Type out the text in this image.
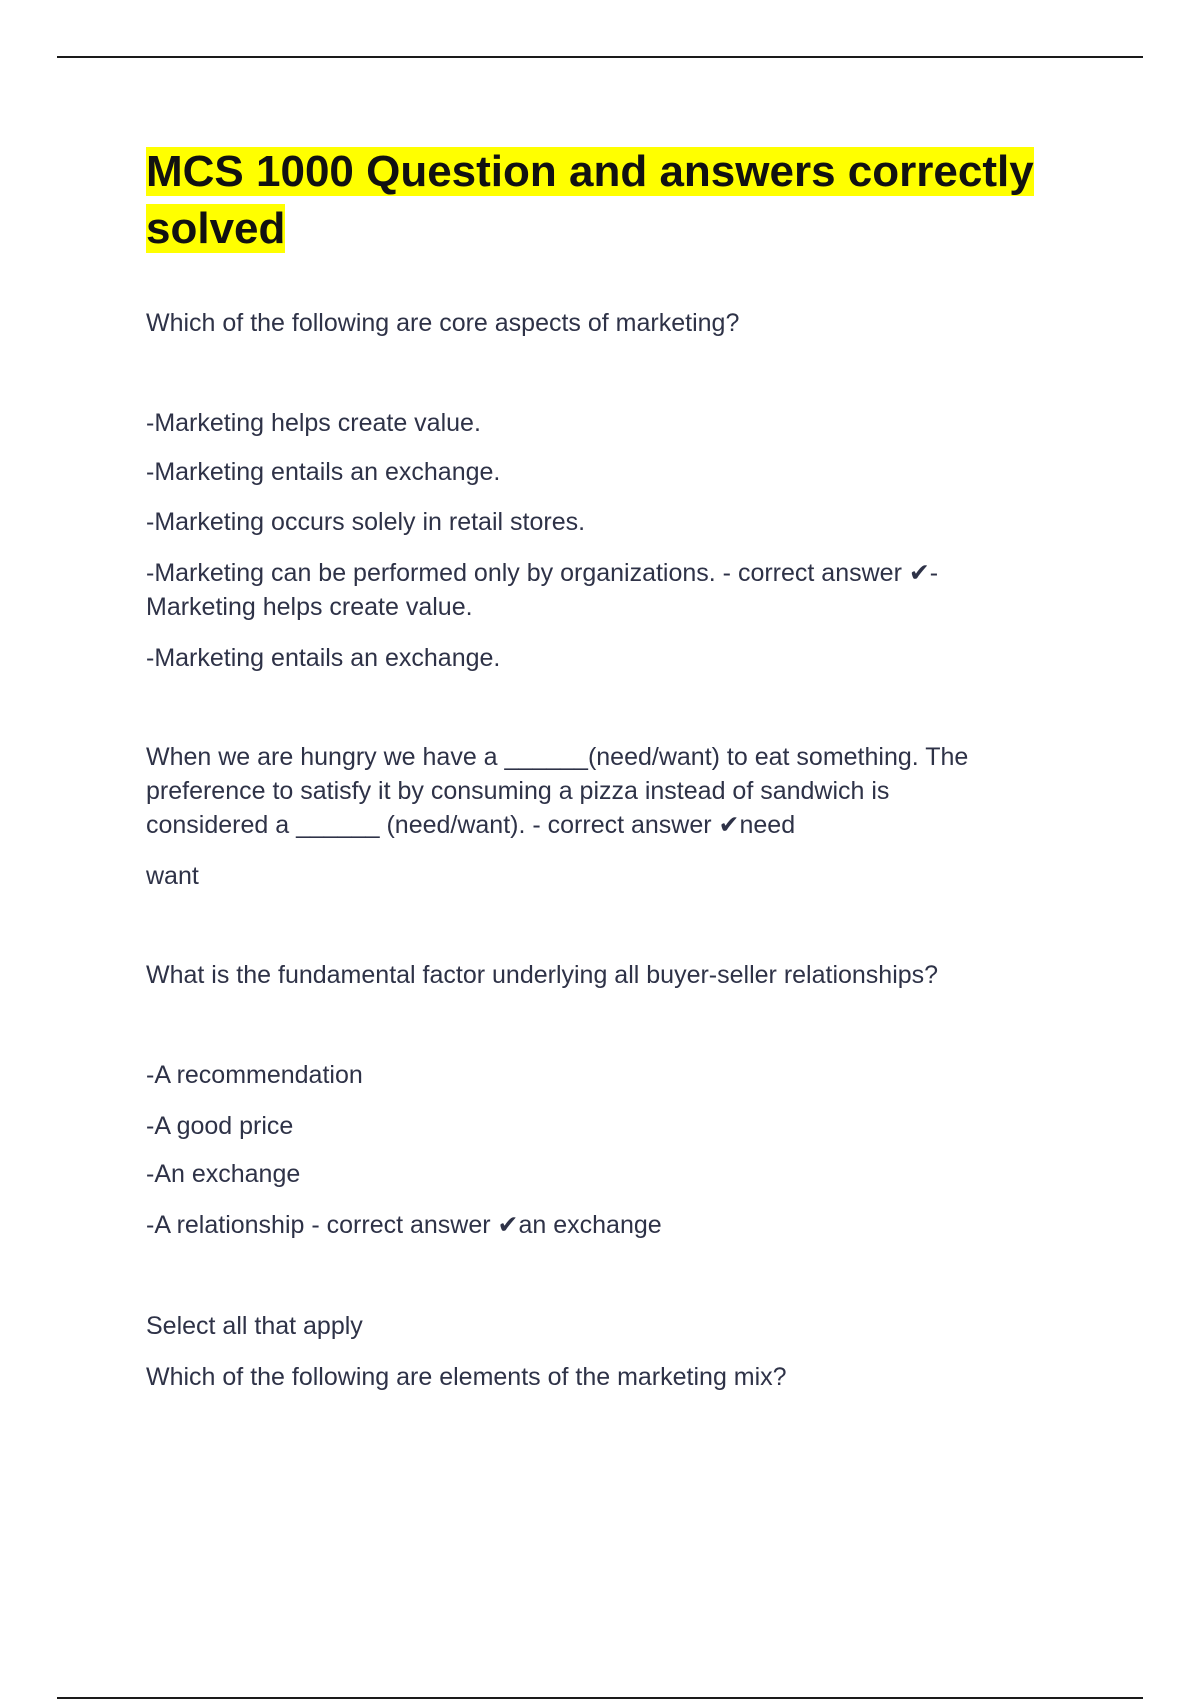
MCS 1000 Question and answers correctly solved

Which of the following are core aspects of marketing?

-Marketing helps create value.

-Marketing entails an exchange.

-Marketing occurs solely in retail stores.

-Marketing can be performed only by organizations. - correct answer ✔-

Marketing helps create value.

-Marketing entails an exchange.

When we are hungry we have a ______(need/want) to eat something. The

preference to satisfy it by consuming a pizza instead of sandwich is

considered a ______ (need/want). - correct answer ✔need

want

What is the fundamental factor underlying all buyer-seller relationships?

-A recommendation

-A good price

-An exchange

-A relationship - correct answer ✔an exchange

Select all that apply

Which of the following are elements of the marketing mix?
